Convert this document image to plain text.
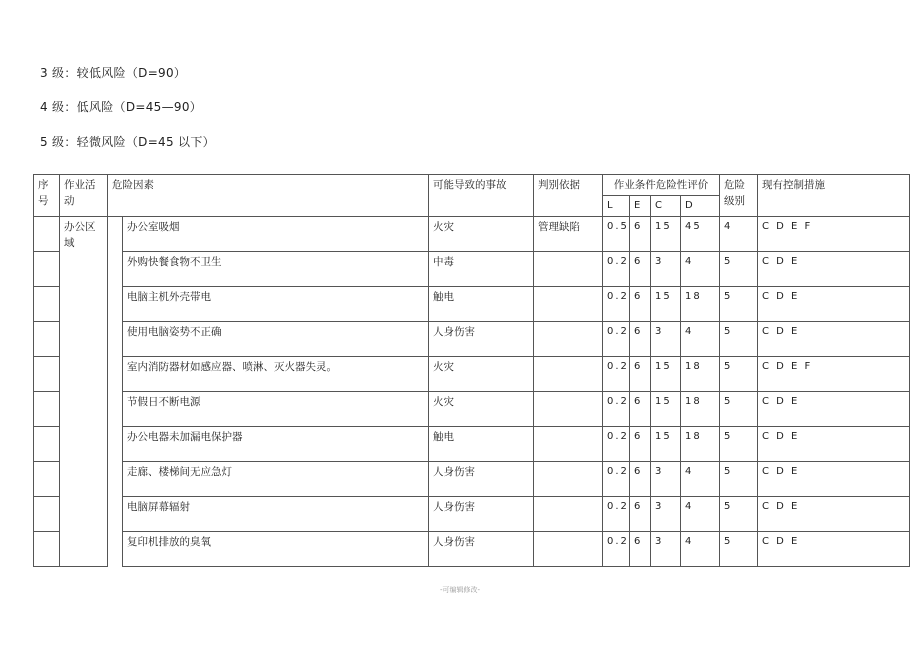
3 级：较低风险（D=90）
4 级：低风险（D=45—90）
5 级：轻微风险（D=45 以下）
序号	作业活动	危险因素		可能导致的事故	判别依据	作业条件危险性评价				危险级别	现有控制措施
						L	E	C	D		
	办公区域		办公室吸烟	火灾	管理缺陷	0.5	6	15	45	4	C D E F
			外购快餐食物不卫生	中毒		0.2	6	3	4	5	C D E
			电脑主机外壳带电	触电		0.2	6	15	18	5	C D E
			使用电脑姿势不正确	人身伤害		0.2	6	3	4	5	C D E
			室内消防器材如感应器、喷淋、灭火器失灵。	火灾		0.2	6	15	18	5	C D E F
			节假日不断电源	火灾		0.2	6	15	18	5	C D E
			办公电器未加漏电保护器	触电		0.2	6	15	18	5	C D E
			走廊、楼梯间无应急灯	人身伤害		0.2	6	3	4	5	C D E
			电脑屏幕辐射	人身伤害		0.2	6	3	4	5	C D E
			复印机排放的臭氧	人身伤害		0.2	6	3	4	5	C D E
-可编辑修改-
